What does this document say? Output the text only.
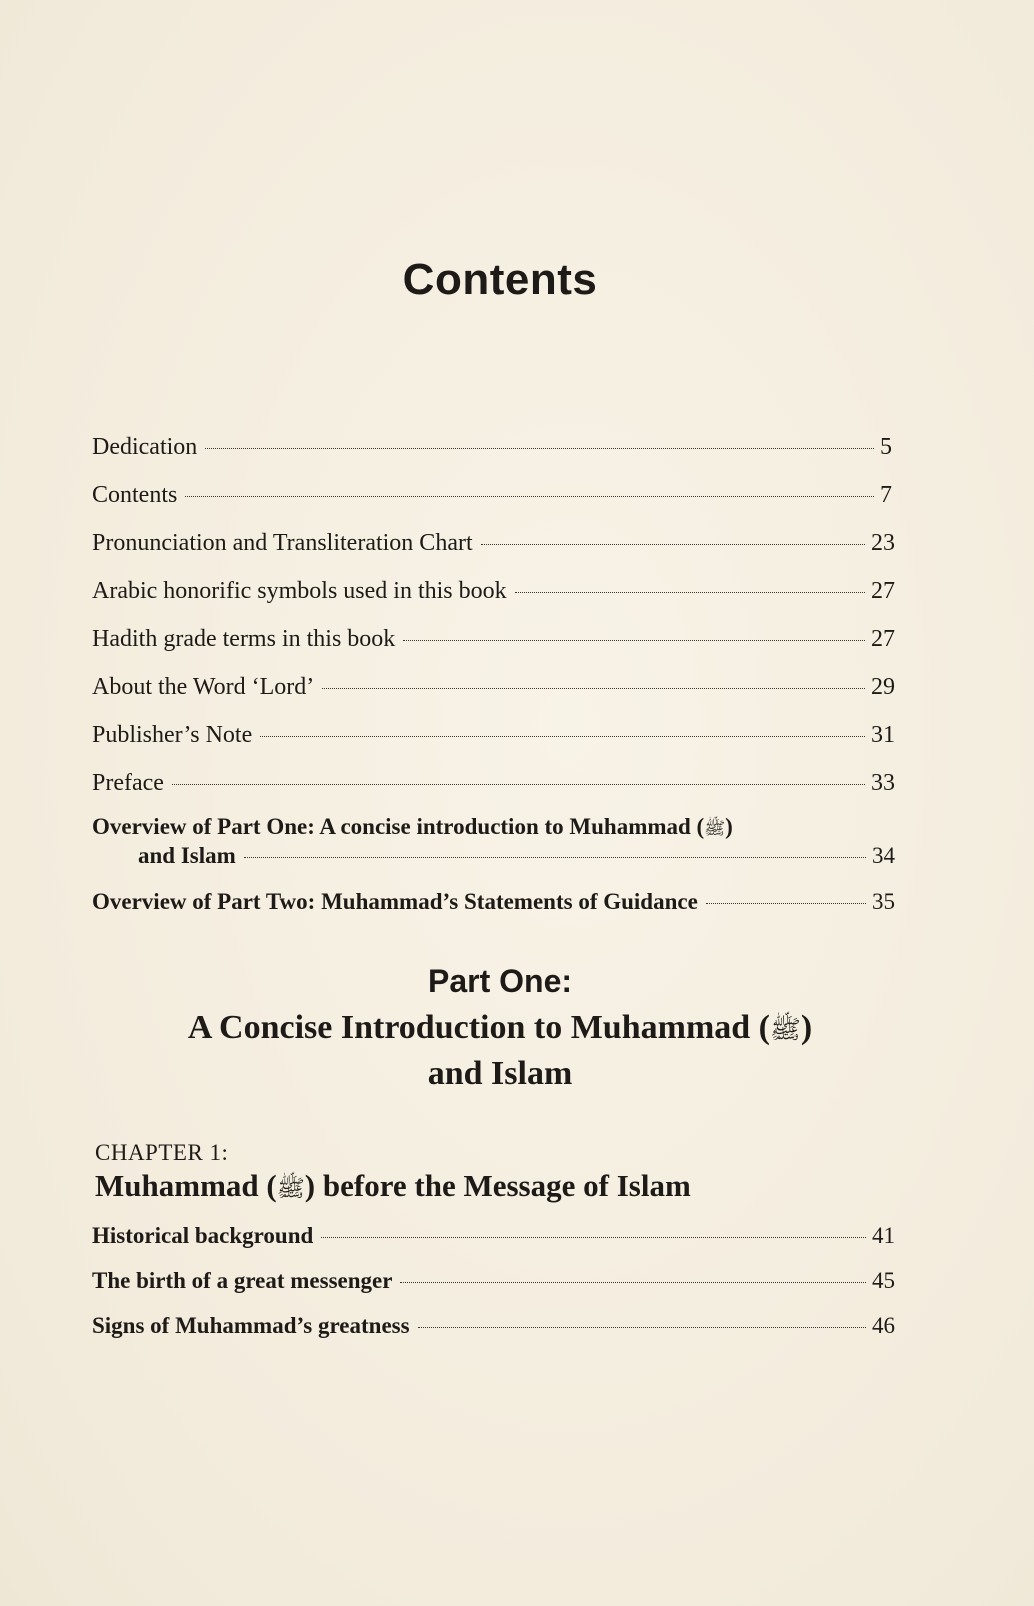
Contents
Dedication	5
Contents	7
Pronunciation and Transliteration Chart	23
Arabic honorific symbols used in this book	27
Hadith grade terms in this book	27
About the Word ‘Lord’	29
Publisher’s Note	31
Preface	33
Overview of Part One: A concise introduction to Muhammad (ﷺ)
and Islam	34
Overview of Part Two: Muhammad’s Statements of Guidance	35
Part One:
A Concise Introduction to Muhammad (ﷺ)
and Islam
CHAPTER 1:
Muhammad (ﷺ) before the Message of Islam
Historical background	41
The birth of a great messenger	45
Signs of Muhammad’s greatness	46
